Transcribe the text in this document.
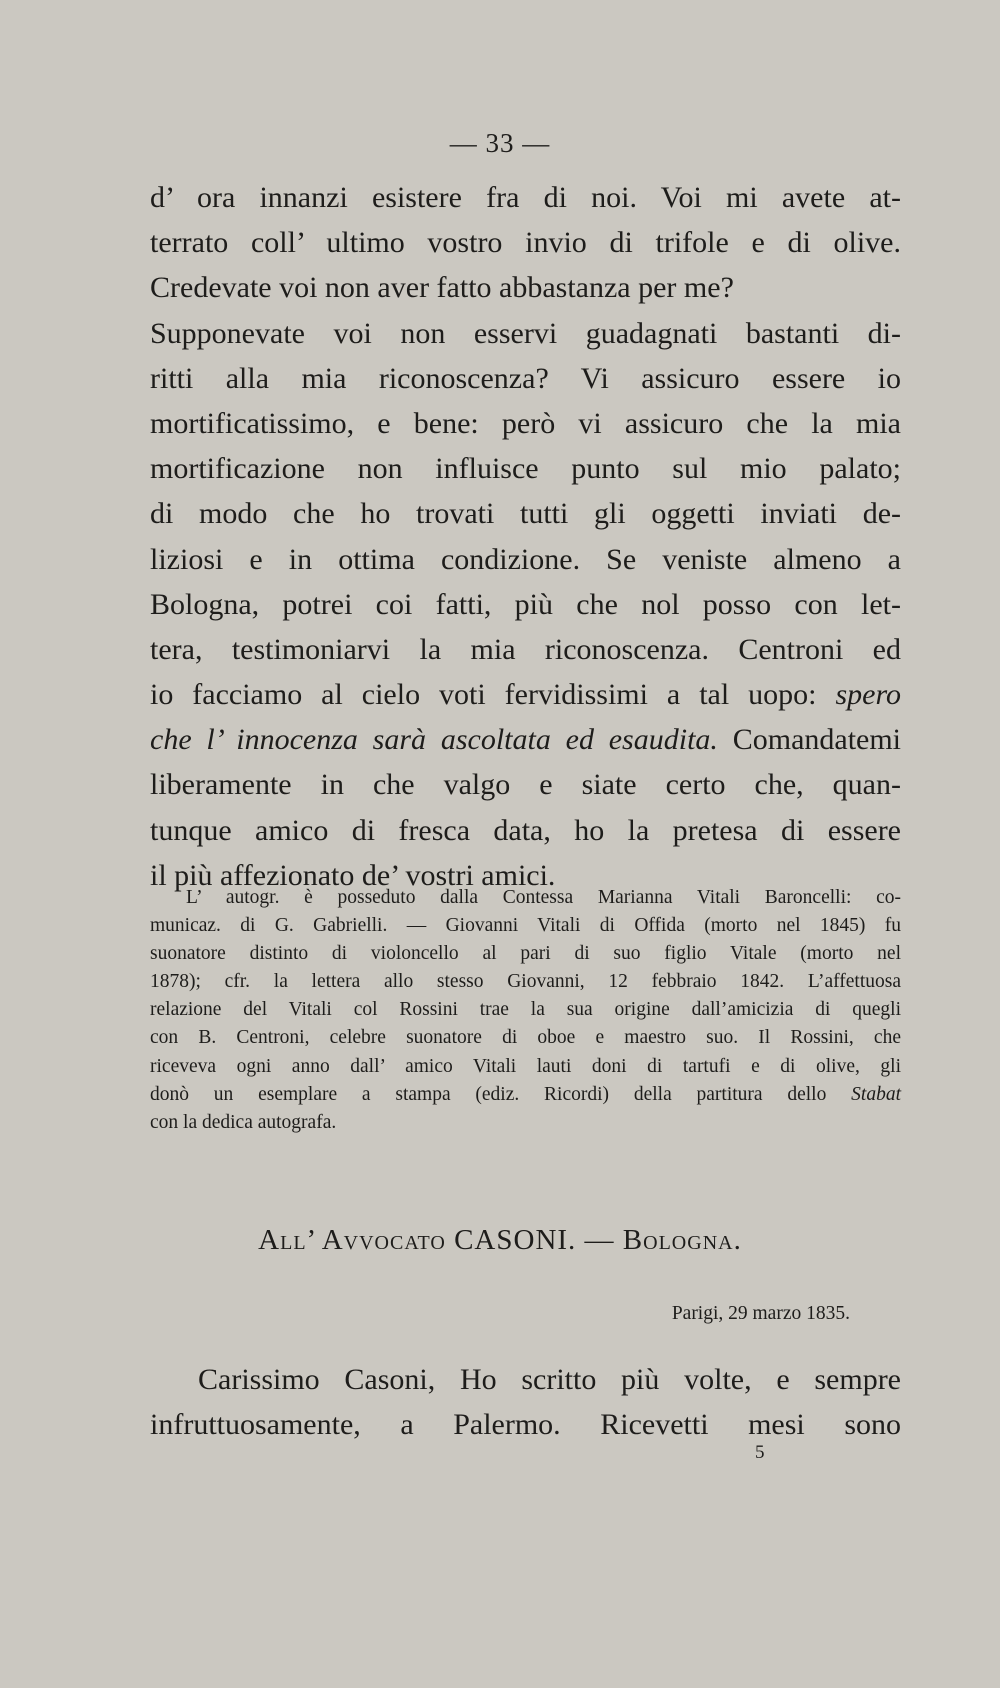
— 33 —
d’ ora innanzi esistere fra di noi. Voi mi avete at-
terrato coll’ ultimo vostro invio di trifole e di olive.
Credevate voi non aver fatto abbastanza per me?
Supponevate voi non esservi guadagnati bastanti di-
ritti alla mia riconoscenza? Vi assicuro essere io
mortificatissimo, e bene: però vi assicuro che la mia
mortificazione non influisce punto sul mio palato;
di modo che ho trovati tutti gli oggetti inviati de-
liziosi e in ottima condizione. Se veniste almeno a
Bologna, potrei coi fatti, più che nol posso con let-
tera, testimoniarvi la mia riconoscenza. Centroni ed
io facciamo al cielo voti fervidissimi a tal uopo: spero
che l’ innocenza sarà ascoltata ed esaudita. Comandatemi
liberamente in che valgo e siate certo che, quan-
tunque amico di fresca data, ho la pretesa di essere
il più affezionato de’ vostri amici.
L’ autogr. è posseduto dalla Contessa Marianna Vitali Baroncelli: co-
municaz. di G. Gabrielli. — Giovanni Vitali di Offida (morto nel 1845) fu
suonatore distinto di violoncello al pari di suo figlio Vitale (morto nel
1878); cfr. la lettera allo stesso Giovanni, 12 febbraio 1842. L’affettuosa
relazione del Vitali col Rossini trae la sua origine dall’amicizia di quegli
con B. Centroni, celebre suonatore di oboe e maestro suo. Il Rossini, che
riceveva ogni anno dall’ amico Vitali lauti doni di tartufi e di olive, gli
donò un esemplare a stampa (ediz. Ricordi) della partitura dello Stabat
con la dedica autografa.
All’ Avvocato CASONI. — Bologna.
Parigi, 29 marzo 1835.
Carissimo Casoni, Ho scritto più volte, e sempre
infruttuosamente, a Palermo. Ricevetti mesi sono
5
